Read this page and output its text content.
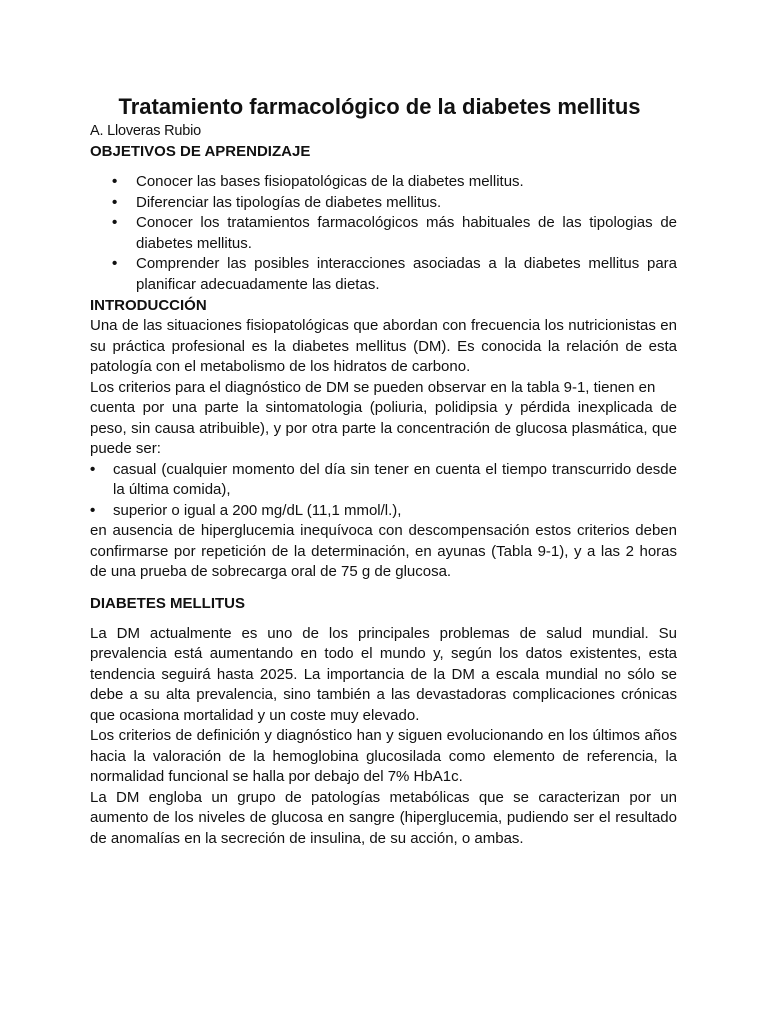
Tratamiento farmacológico de la diabetes mellitus
A. Lloveras Rubio
OBJETIVOS DE APRENDIZAJE
• Conocer las bases fisiopatológicas de la diabetes mellitus.
• Diferenciar las tipologías de diabetes mellitus.
• Conocer los tratamientos farmacológicos más habituales de las tipologias de diabetes mellitus.
• Comprender las posibles interacciones asociadas a la diabetes mellitus para planificar adecuadamente las dietas.
INTRODUCCIÓN

Una de las situaciones fisiopatológicas que abordan con frecuencia los nutricionistas en su práctica profesional es la diabetes mellitus (DM). Es conocida la relación de esta patología con el metabolismo de los hidratos de carbono.

Los criterios para el diagnóstico de DM se pueden observar en la tabla 9-1, tienen en

cuenta por una parte la sintomatologia (poliuria, polidipsia y pérdida inexplicada de peso, sin causa atribuible), y por otra parte la concentración de glucosa plasmática, que puede ser:

• casual (cualquier momento del día sin tener en cuenta el tiempo transcurrido desde la última comida),
• superior o igual a 200 mg/dL (11,1 mmol/l.),

en ausencia de hiperglucemia inequívoca con descompensación estos criterios deben confirmarse por repetición de la determinación, en ayunas (Tabla 9-1), y a las 2 horas de una prueba de sobrecarga oral de 75 g de glucosa.

DIABETES MELLITUS

La DM actualmente es uno de los principales problemas de salud mundial. Su prevalencia está aumentando en todo el mundo y, según los datos existentes, esta tendencia seguirá hasta 2025. La importancia de la DM a escala mundial no sólo se debe a su alta prevalencia, sino también a las devastadoras complicaciones crónicas que ocasiona mortalidad y un coste muy elevado.

Los criterios de definición y diagnóstico han y siguen evolucionando en los últimos años hacia la valoración de la hemoglobina glucosilada como elemento de referencia, la normalidad funcional se halla por debajo del 7% HbA1c.

La DM engloba un grupo de patologías metabólicas que se caracterizan por un aumento de los niveles de glucosa en sangre (hiperglucemia, pudiendo ser el resultado de anomalías en la secreción de insulina, de su acción, o ambas.
